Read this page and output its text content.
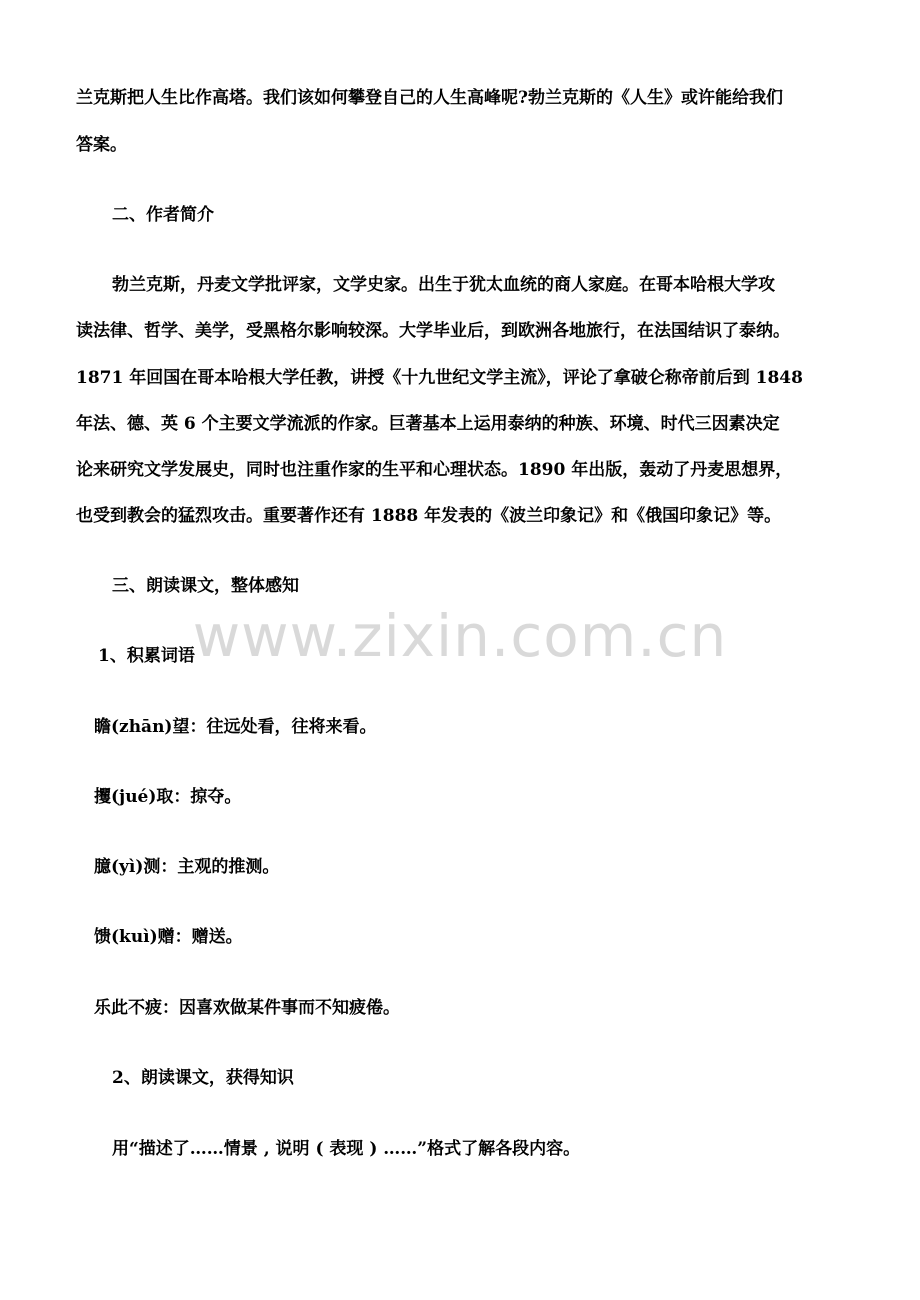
兰克斯把人生比作高塔。我们该如何攀登自己的人生高峰呢?勃兰克斯的《人生》或许能给我们
答案。
二、作者简介
勃兰克斯，丹麦文学批评家，文学史家。出生于犹太血统的商人家庭。在哥本哈根大学攻
读法律、哲学、美学，受黑格尔影响较深。大学毕业后，到欧洲各地旅行，在法国结识了泰纳。
1871 年回国在哥本哈根大学任教，讲授《十九世纪文学主流》，评论了拿破仑称帝前后到 1848
年法、德、英 6 个主要文学流派的作家。巨著基本上运用泰纳的种族、环境、时代三因素决定
论来研究文学发展史，同时也注重作家的生平和心理状态。1890 年出版，轰动了丹麦思想界，
也受到教会的猛烈攻击。重要著作还有 1888 年发表的《波兰印象记》和《俄国印象记》等。
三、朗读课文，整体感知
www.zixin.com.cn
1、积累词语
瞻(zhān)望：往远处看，往将来看。
攫(jué)取：掠夺。
臆(yì)测：主观的推测。
馈(kuì)赠：赠送。
乐此不疲：因喜欢做某件事而不知疲倦。
2、朗读课文，获得知识
用“描述了……情景 , 说明 ( 表现 ) ……”格式了解各段内容。
